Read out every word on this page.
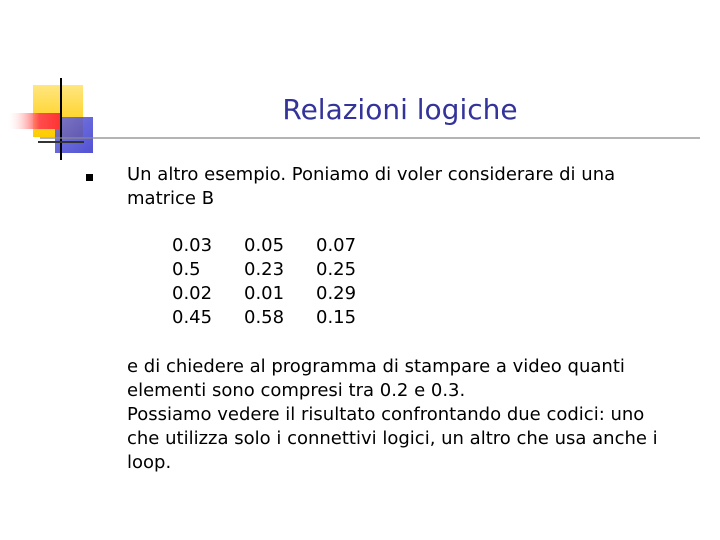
Relazioni logiche
Un altro esempio. Poniamo di voler considerare di una
matrice B
0.03
0.5
0.02
0.45
0.05
0.23
0.01
0.58
0.07
0.25
0.29
0.15
e di chiedere al programma di stampare a video quanti
elementi sono compresi tra 0.2 e 0.3.
Possiamo vedere il risultato confrontando due codici: uno
che utilizza solo i connettivi logici, un altro che usa anche i
loop.
